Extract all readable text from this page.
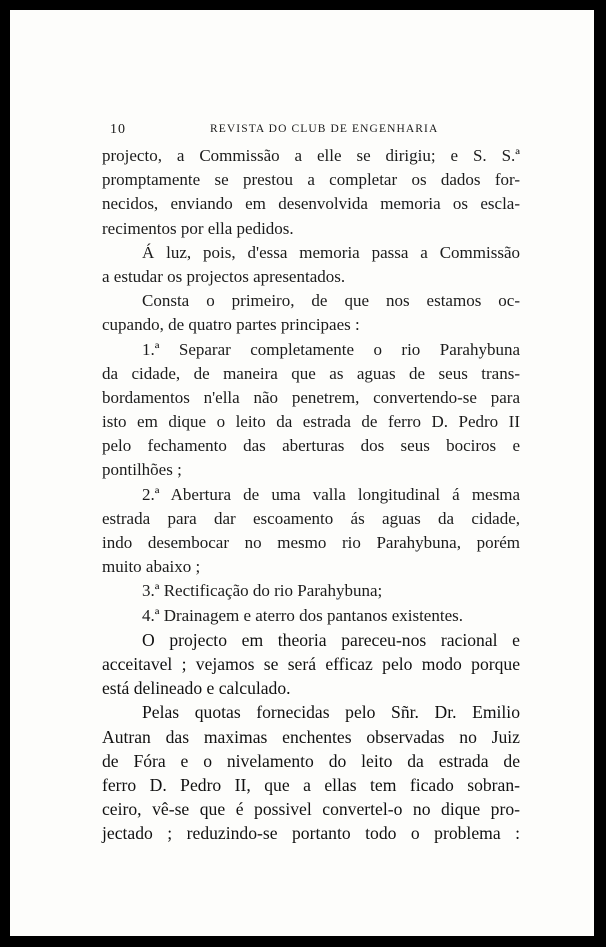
10	REVISTA DO CLUB DE ENGENHARIA

projecto, a Commissão a elle se dirigiu; e S. S.ª
promptamente se prestou a completar os dados for-
necidos, enviando em desenvolvida memoria os escla-
recimentos por ella pedidos.

Á luz, pois, d'essa memoria passa a Commissão
a estudar os projectos apresentados.

Consta o primeiro, de que nos estamos oc-
cupando, de quatro partes principaes :

1.ª Separar completamente o rio Parahybuna
da cidade, de maneira que as aguas de seus trans-
bordamentos n'ella não penetrem, convertendo-se para
isto em dique o leito da estrada de ferro D. Pedro II
pelo fechamento das aberturas dos seus bociros e
pontilhões ;

2.ª Abertura de uma valla longitudinal á mesma
estrada para dar escoamento ás aguas da cidade,
indo desembocar no mesmo rio Parahybuna, porém
muito abaixo ;

3.ª Rectificação do rio Parahybuna;

4.ª Drainagem e aterro dos pantanos existentes.

O projecto em theoria pareceu-nos racional e
acceitavel ; vejamos se será efficaz pelo modo porque
está delineado e calculado.

Pelas quotas fornecidas pelo Sñr. Dr. Emilio
Autran das maximas enchentes observadas no Juiz
de Fóra e o nivelamento do leito da estrada de
ferro D. Pedro II, que a ellas tem ficado sobran-
ceiro, vê-se que é possivel convertel-o no dique pro-
jectado ; reduzindo-se portanto todo o problema :
